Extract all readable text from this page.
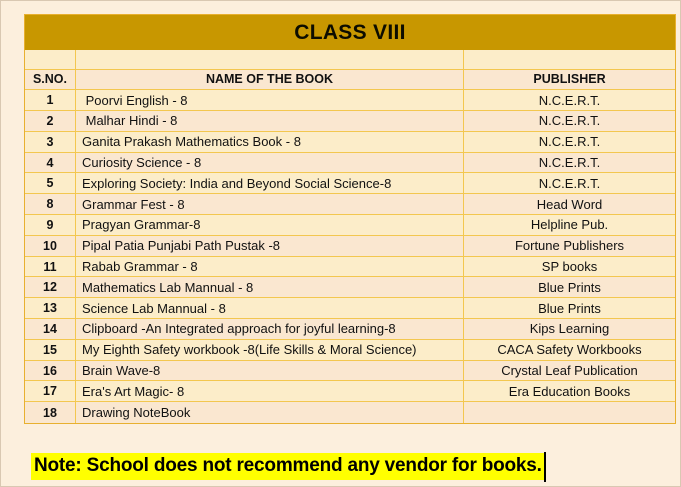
CLASS VIII
S.NO.	NAME OF THE BOOK	PUBLISHER
1	Poorvi English - 8	N.C.E.R.T.
2	Malhar Hindi - 8	N.C.E.R.T.
3	Ganita Prakash Mathematics Book - 8	N.C.E.R.T.
4	Curiosity Science - 8	N.C.E.R.T.
5	Exploring Society: India and Beyond Social Science-8	N.C.E.R.T.
8	Grammar Fest - 8	Head Word
9	Pragyan Grammar-8	Helpline Pub.
10	Pipal Patia Punjabi Path Pustak -8	Fortune Publishers
11	Rabab Grammar - 8	SP books
12	Mathematics Lab Mannual - 8	Blue Prints
13	Science Lab Mannual - 8	Blue Prints
14	Clipboard -An Integrated approach for joyful learning-8	Kips Learning
15	My Eighth Safety workbook -8(Life Skills & Moral Science)	CACA Safety Workbooks
16	Brain Wave-8	Crystal Leaf Publication
17	Era's Art Magic- 8	Era Education Books
18	Drawing NoteBook
Note: School does not recommend any vendor for books.
